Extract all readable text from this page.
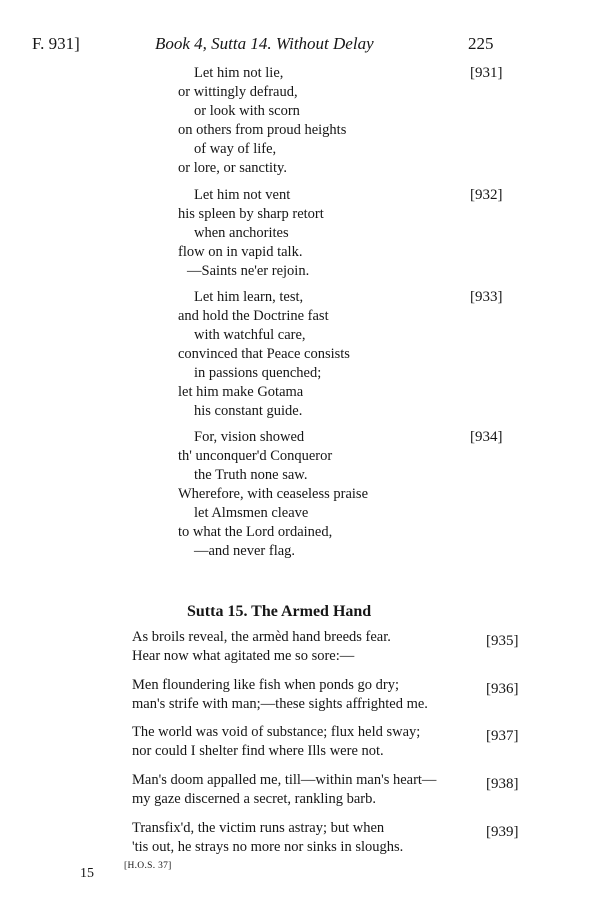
F. 931]	Book 4, Sutta 14. Without Delay	225
Let him not lie,
or wittingly defraud,
or look with scorn
on others from proud heights
of way of life,
or lore, or sanctity.
[931]
Let him not vent
his spleen by sharp retort
when anchorites
flow on in vapid talk.
—Saints ne'er rejoin.
[932]
Let him learn, test,
and hold the Doctrine fast
with watchful care,
convinced that Peace consists
in passions quenched;
let him make Gotama
his constant guide.
[933]
For, vision showed
th' unconquer'd Conqueror
the Truth none saw.
Wherefore, with ceaseless praise
let Almsmen cleave
to what the Lord ordained,
—and never flag.
[934]
Sutta 15. The Armed Hand
As broils reveal, the armèd hand breeds fear.
Hear now what agitated me so sore:—
[935]
Men floundering like fish when ponds go dry;
man's strife with man;—these sights affrighted me.
[936]
The world was void of substance; flux held sway;
nor could I shelter find where Ills were not.
[937]
Man's doom appalled me, till—within man's heart—
my gaze discerned a secret, rankling barb.
[938]
Transfix'd, the victim runs astray; but when
'tis out, he strays no more nor sinks in sloughs.
[939]
15	[H.O.S. 37]
